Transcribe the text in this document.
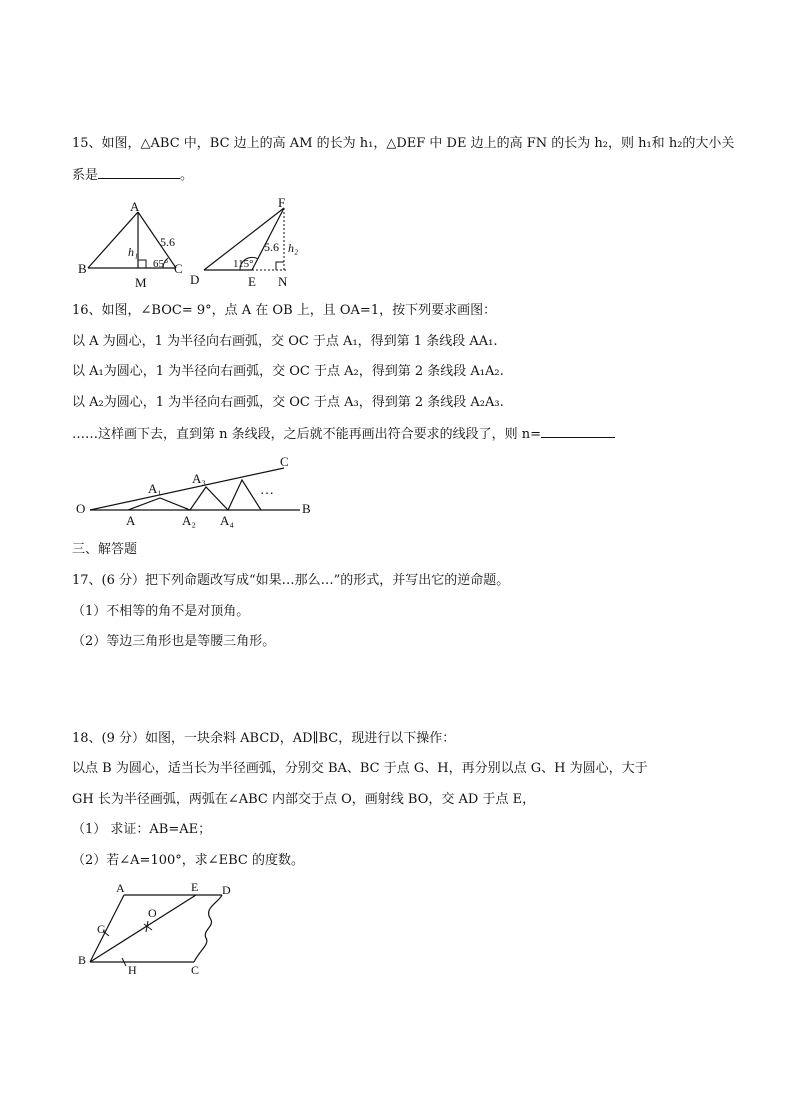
15、如图，△ABC 中，BC 边上的高 AM 的长为 h₁，△DEF 中 DE 边上的高 FN 的长为 h₂，则 h₁和 h₂的大小关
系是	。
A
B	C
M
5.6
h₁
65°
F
D	E N
5.6 h₂
115°
16、如图，∠BOC= 9°，点 A 在 OB 上，且 OA=1，按下列要求画图：
以 A 为圆心，1 为半径向右画弧，交 OC 于点 A₁，得到第 1 条线段 AA₁.
以 A₁为圆心，1 为半径向右画弧，交 OC 于点 A₂，得到第 2 条线段 A₁A₂.
以 A₂为圆心，1 为半径向右画弧，交 OC 于点 A₃，得到第 2 条线段 A₂A₃.
……这样画下去，直到第 n 条线段，之后就不能再画出符合要求的线段了，则 n=
O
A
A₁
A₂
A₃
A₄
…
B
C
三、解答题
17、(6 分）把下列命题改写成“如果…那么…”的形式，并写出它的逆命题。
（1）不相等的角不是对顶角。
（2）等边三角形也是等腰三角形。
18、(9 分）如图，一块余料 ABCD，AD∥BC，现进行以下操作：
以点 B 为圆心，适当长为半径画弧，分别交 BA、BC 于点 G、H，再分别以点 G、H 为圆心，大于
GH 长为半径画弧，两弧在∠ABC 内部交于点 O，画射线 BO，交 AD 于点 E，
（1） 求证：AB=AE；
（2）若∠A=100°，求∠EBC 的度数。
A	E D
G
O
B
H	C
